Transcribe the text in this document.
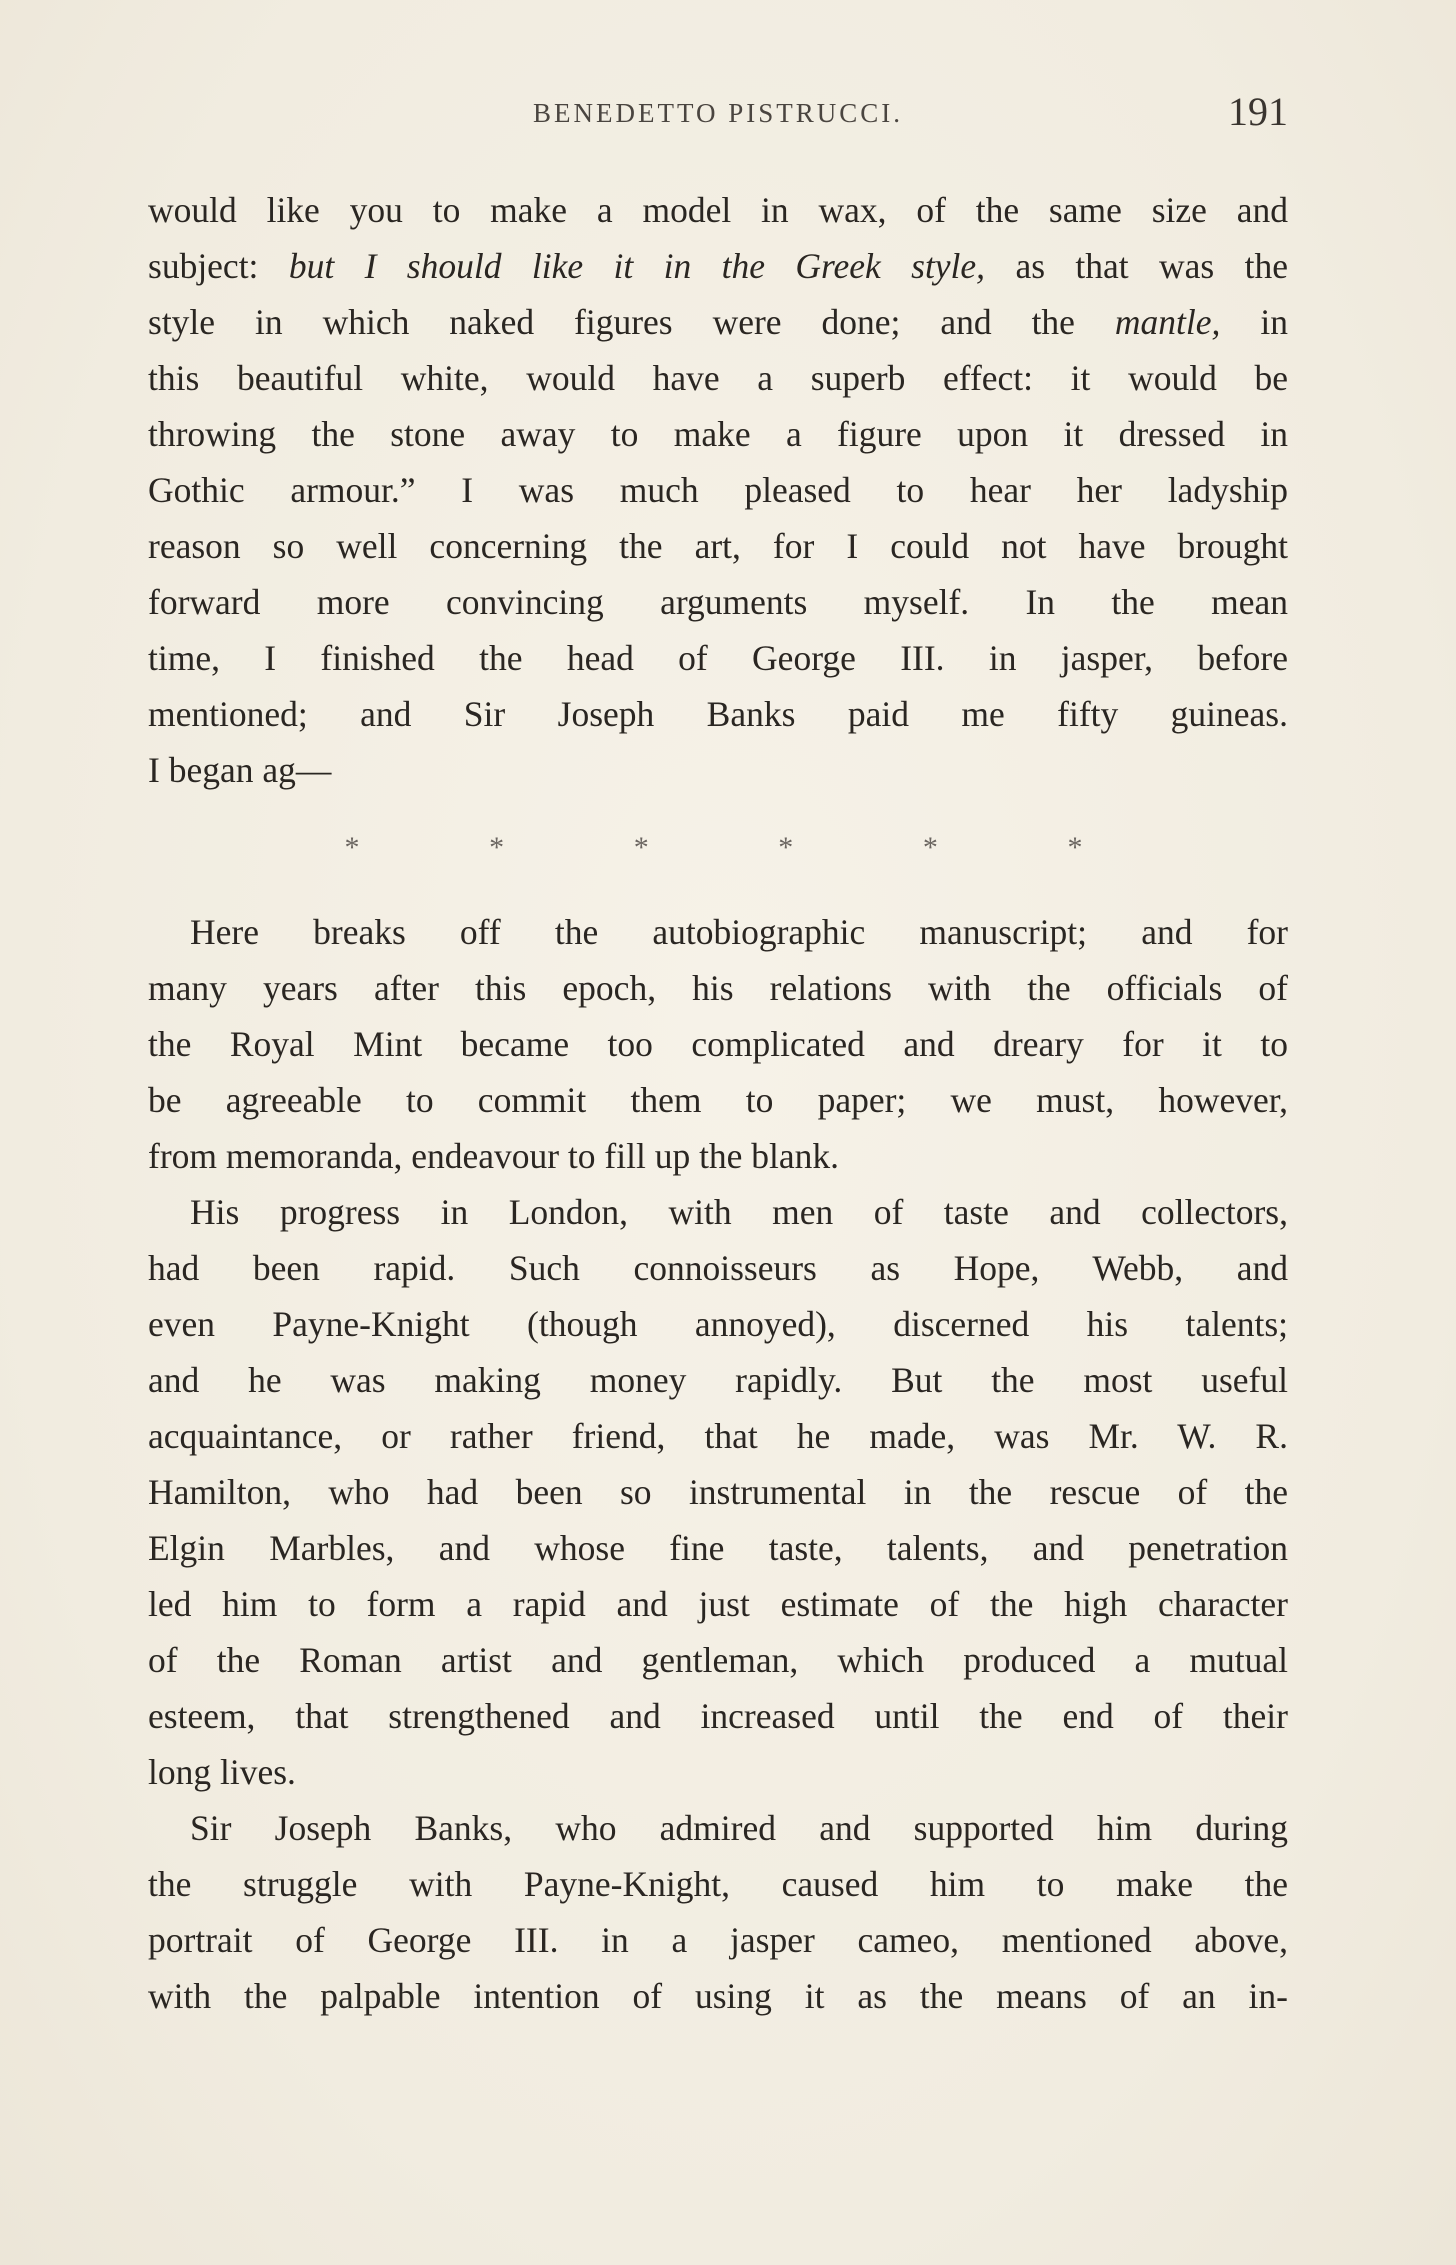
BENEDETTO PISTRUCCI.	191
would like you to make a model in wax, of the same size and
subject: but I should like it in the Greek style, as that was the
style in which naked figures were done; and the mantle, in
this beautiful white, would have a superb effect: it would be
throwing the stone away to make a figure upon it dressed in
Gothic armour.” I was much pleased to hear her ladyship
reason so well concerning the art, for I could not have brought
forward more convincing arguments myself. In the mean
time, I finished the head of George III. in jasper, before
mentioned; and Sir Joseph Banks paid me fifty guineas.
I began ag—
*	*	*	*	*	*
Here breaks off the autobiographic manuscript; and for
many years after this epoch, his relations with the officials of
the Royal Mint became too complicated and dreary for it to
be agreeable to commit them to paper; we must, however,
from memoranda, endeavour to fill up the blank.
His progress in London, with men of taste and collectors,
had been rapid. Such connoisseurs as Hope, Webb, and
even Payne-Knight (though annoyed), discerned his talents;
and he was making money rapidly. But the most useful
acquaintance, or rather friend, that he made, was Mr. W. R.
Hamilton, who had been so instrumental in the rescue of the
Elgin Marbles, and whose fine taste, talents, and penetration
led him to form a rapid and just estimate of the high character
of the Roman artist and gentleman, which produced a mutual
esteem, that strengthened and increased until the end of their
long lives.
Sir Joseph Banks, who admired and supported him during
the struggle with Payne-Knight, caused him to make the
portrait of George III. in a jasper cameo, mentioned above,
with the palpable intention of using it as the means of an in-
